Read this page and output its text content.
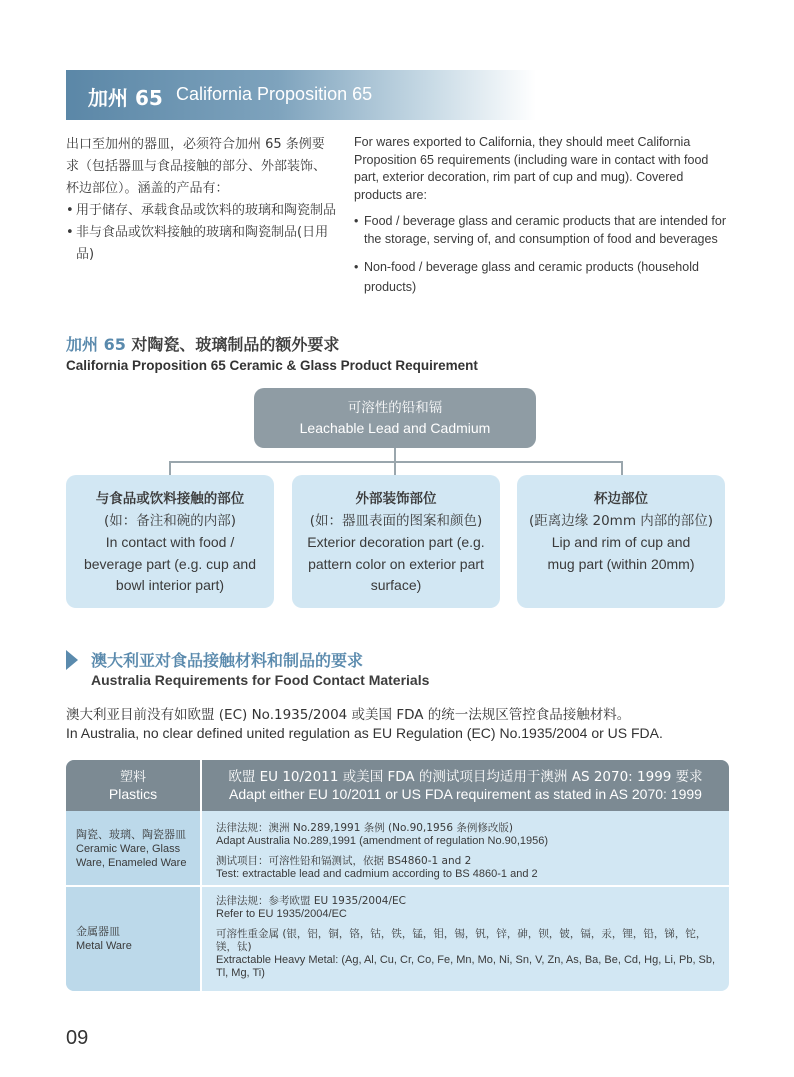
加州 65 California Proposition 65

出口至加州的器皿，必须符合加州 65 条例要求（包括器皿与食品接触的部分、外部装饰、杯边部位）。涵盖的产品有：

• 用于储存、承载食品或饮料的玻璃和陶瓷制品

• 非与食品或饮料接触的玻璃和陶瓷制品(日用品)

For wares exported to California, they should meet California Proposition 65 requirements (including ware in contact with food part, exterior decoration, rim part of cup and mug). Covered products are:

• Food / beverage glass and ceramic products that are intended for the storage, serving of, and consumption of food and beverages

• Non-food / beverage glass and ceramic products (household products)

加州 65 对陶瓷、玻璃制品的额外要求
California Proposition 65 Ceramic & Glass Product Requirement
可溶性的铅和镉
Leachable Lead and Cadmium
与食品或饮料接触的部位
(如：备注和碗的内部)
In contact with food / beverage part (e.g. cup and bowl interior part)
外部装饰部位
(如：器皿表面的图案和颜色)
Exterior decoration part (e.g. pattern color on exterior part surface)
杯边部位
(距离边缘 20mm 内部的部位)
Lip and rim of cup and mug part (within 20mm)
澳大利亚对食品接触材料和制品的要求
Australia Requirements for Food Contact Materials
澳大利亚目前没有如欧盟 (EC) No.1935/2004 或美国 FDA 的统一法规区管控食品接触材料。
In Australia, no clear defined united regulation as EU Regulation (EC) No.1935/2004 or US FDA.
塑料
Plastics
欧盟 EU 10/2011 或美国 FDA 的测试项目均适用于澳洲 AS 2070: 1999 要求
Adapt either EU 10/2011 or US FDA requirement as stated in AS 2070: 1999
陶瓷、玻璃、陶瓷器皿
Ceramic Ware, Glass Ware, Enameled Ware
法律法规：澳洲 No.289,1991 条例 (No.90,1956 条例修改版)
Adapt Australia No.289,1991 (amendment of regulation No.90,1956)
测试项目：可溶性铅和镉测试，依据 BS4860-1 and 2
Test: extractable lead and cadmium according to BS 4860-1 and 2
金属器皿
Metal Ware
法律法规：参考欧盟 EU 1935/2004/EC
Refer to EU 1935/2004/EC
可溶性重金属 (银，铝，铜，铬，钴，铁，锰，钼，锡，钒，锌，砷，钡，铍，镉，汞，锂，铅，锑，铊，镁，钛)
Extractable Heavy Metal: (Ag, Al, Cu, Cr, Co, Fe, Mn, Mo, Ni, Sn, V, Zn, As, Ba, Be, Cd, Hg, Li, Pb, Sb, Tl, Mg, Ti)
09
